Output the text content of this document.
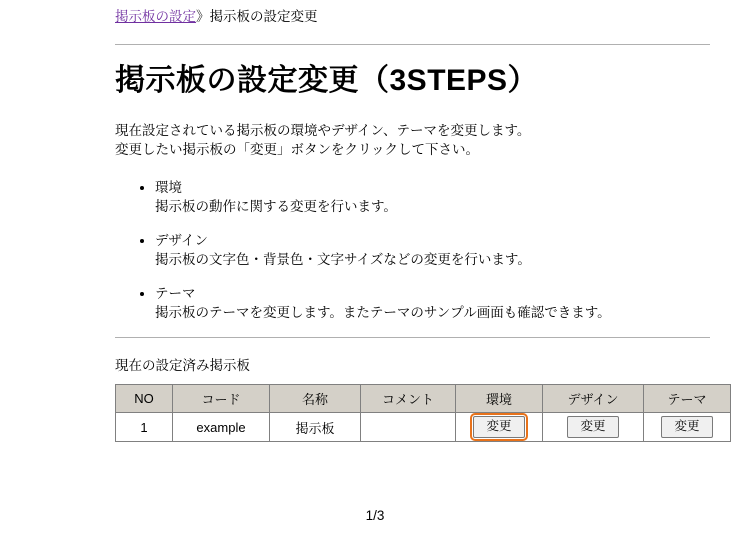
掲示板の設定》掲示板の設定変更
掲示板の設定変更（3STEPS）
現在設定されている掲示板の環境やデザイン、テーマを変更します。
変更したい掲示板の「変更」ボタンをクリックして下さい。
• 環境
掲示板の動作に関する変更を行います。
• デザイン
掲示板の文字色・背景色・文字サイズなどの変更を行います。
• テーマ
掲示板のテーマを変更します。またテーマのサンプル画面も確認できます。
現在の設定済み掲示板
NO	コード	名称	コメント	環境	デザイン	テーマ
1	example	掲示板		変更	変更	変更
1/3
